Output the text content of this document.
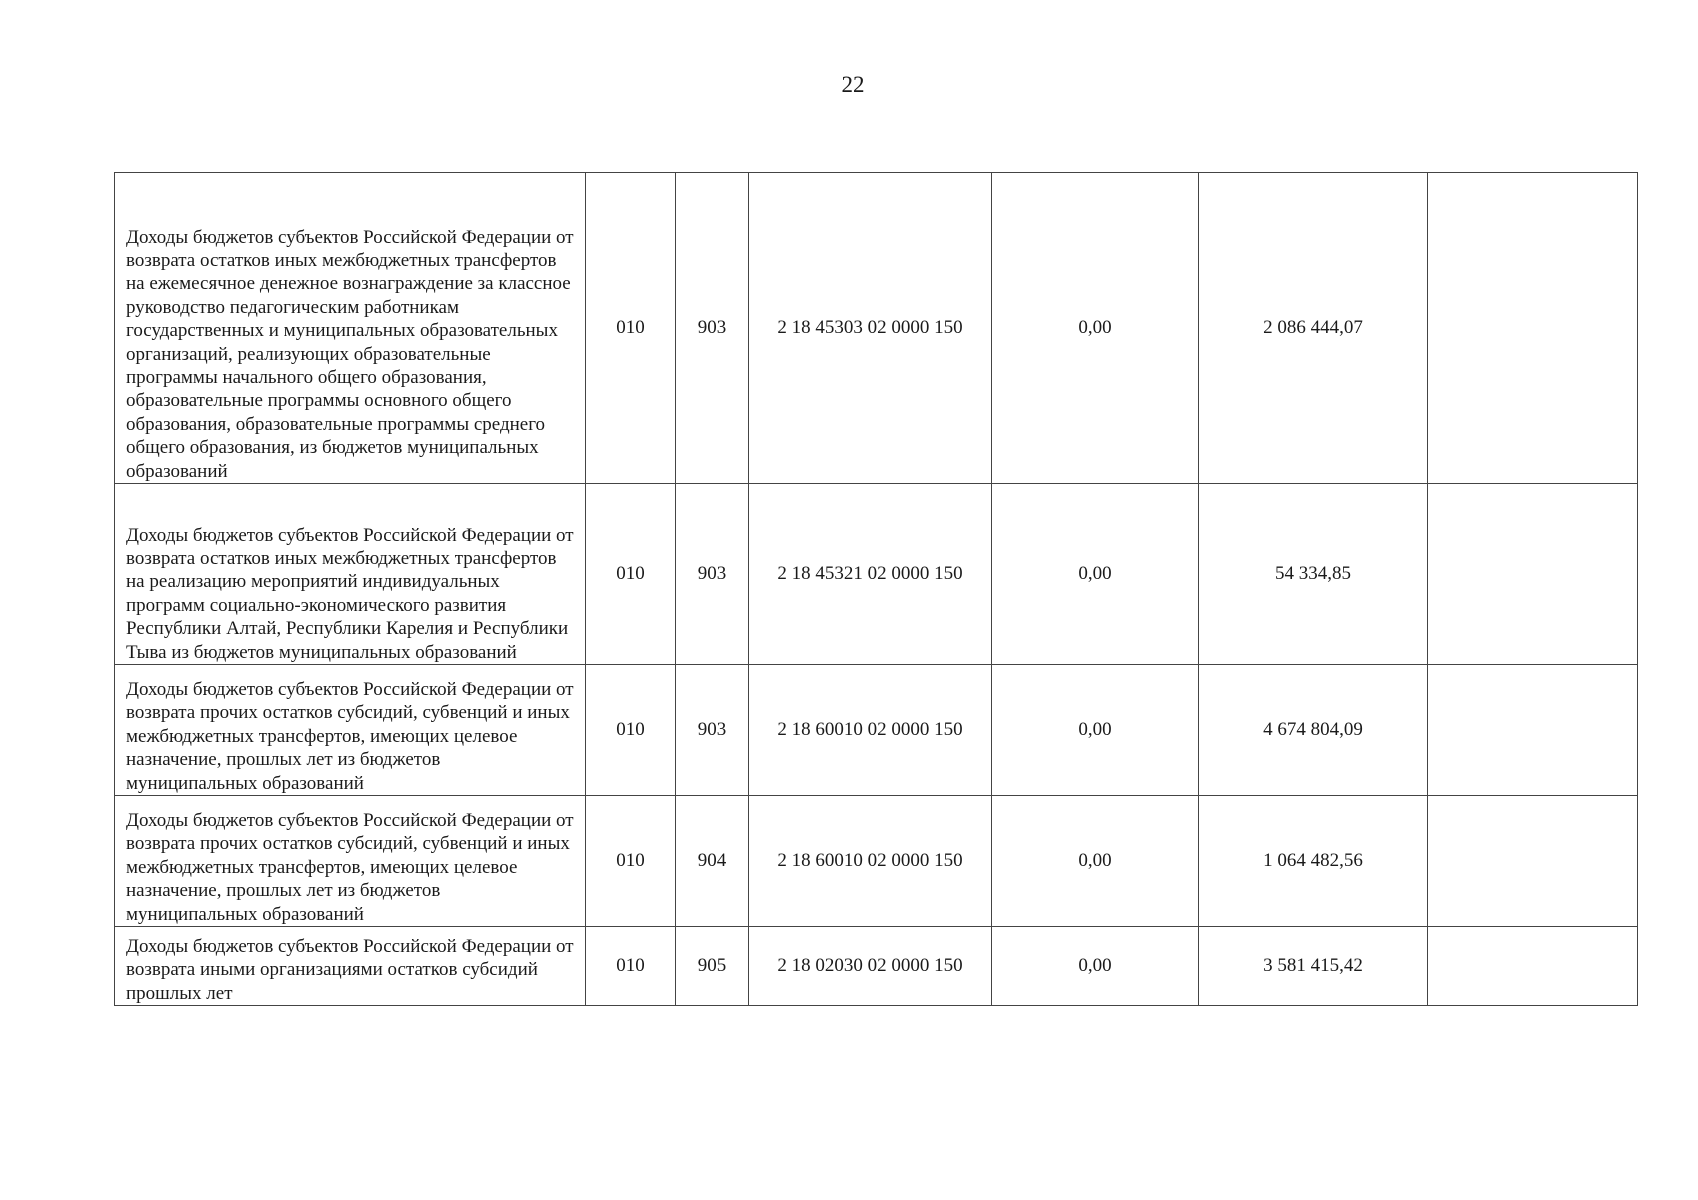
22
Доходы бюджетов субъектов Российской Федерации от возврата остатков иных межбюджетных трансфертов на ежемесячное денежное вознаграждение за классное руководство педагогическим работникам государственных и муниципальных образовательных организаций, реализующих образовательные программы начального общего образования, образовательные программы основного общего образования, образовательные программы среднего общего образования, из бюджетов муниципальных образований	010	903	2 18 45303 02 0000 150	0,00	2 086 444,07	
Доходы бюджетов субъектов Российской Федерации от возврата остатков иных межбюджетных трансфертов на реализацию мероприятий индивидуальных программ социально-экономического развития Республики Алтай, Республики Карелия и Республики Тыва из бюджетов муниципальных образований	010	903	2 18 45321 02 0000 150	0,00	54 334,85	
Доходы бюджетов субъектов Российской Федерации от возврата прочих остатков субсидий, субвенций и иных межбюджетных трансфертов, имеющих целевое назначение, прошлых лет из бюджетов муниципальных образований	010	903	2 18 60010 02 0000 150	0,00	4 674 804,09	
Доходы бюджетов субъектов Российской Федерации от возврата прочих остатков субсидий, субвенций и иных межбюджетных трансфертов, имеющих целевое назначение, прошлых лет из бюджетов муниципальных образований	010	904	2 18 60010 02 0000 150	0,00	1 064 482,56	
Доходы бюджетов субъектов Российской Федерации от возврата иными организациями остатков субсидий прошлых лет	010	905	2 18 02030 02 0000 150	0,00	3 581 415,42	
